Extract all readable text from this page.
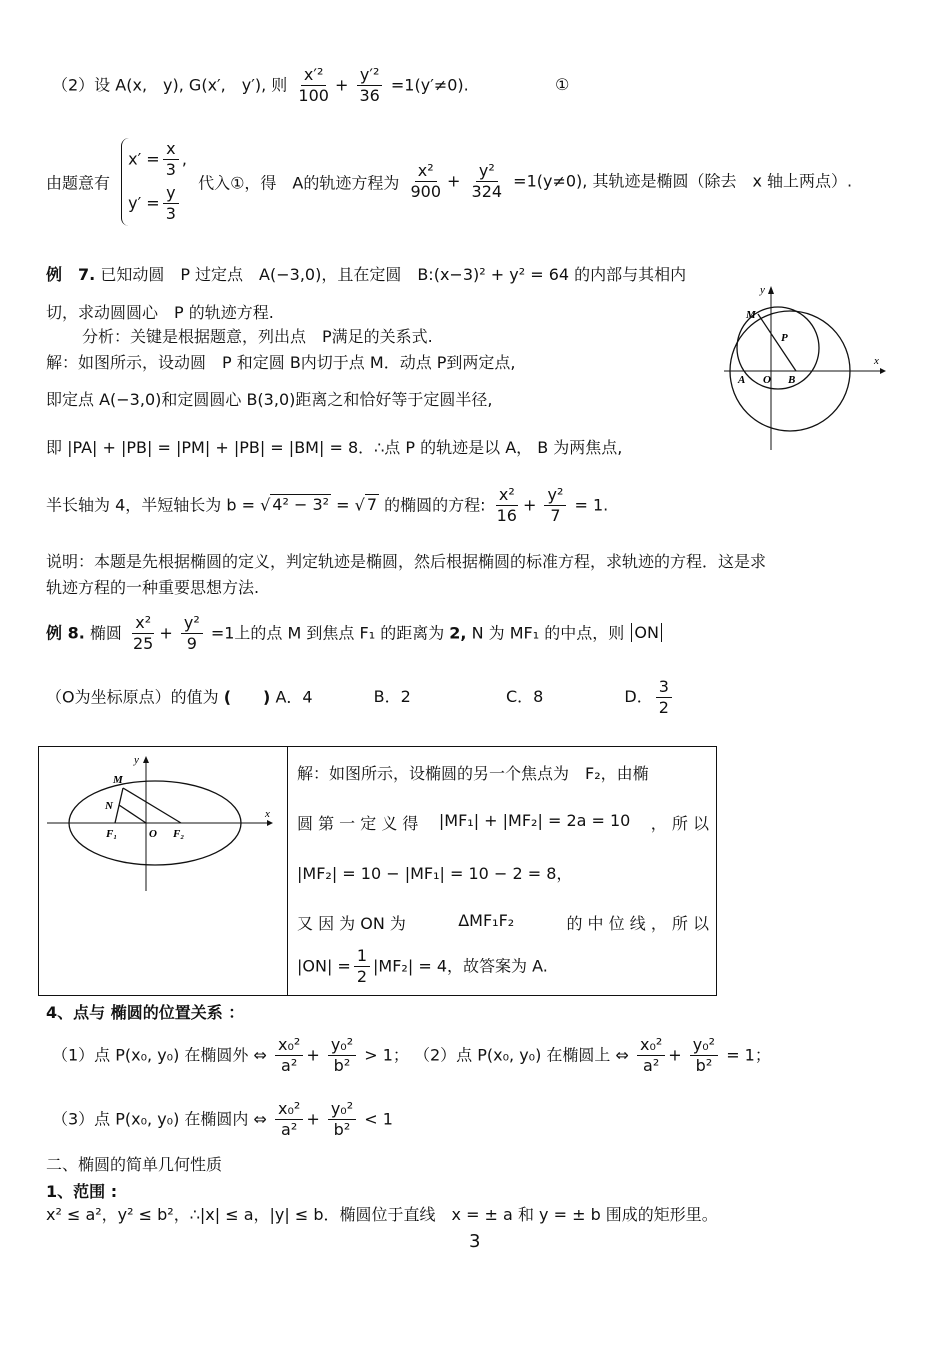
（2）设 A(x,　y), G(x′,　y′), 则 $\frac{\text{x′²}}{100} + \frac{\text{y′²}}{36} =1(y'\ne 0)$.	①
由题意有
$x' = \frac{x}{3}$ ,
$y' = \frac{y}{3}$
代入①，得　A的轨迹方程为 $\frac{\text{x²}}{900} + \frac{\text{y²}}{324} =1(y\ne 0)$, 其轨迹是椭圆（除去　x 轴上两点）.
例　7. 已知动圆　P 过定点　A(−3,0)，且在定圆　B:(x−3)² + y² = 64 的内部与其相内
切，求动圆圆心　P 的轨迹方程.
分析：关键是根据题意，列出点　P满足的关系式.
解：如图所示，设动圆　P 和定圆 B内切于点 M．动点 P到两定点,
即定点 A(−3,0)和定圆圆心 B(3,0)距离之和恰好等于定圆半径,
即 |PA| + |PB| = |PM| + |PB| = |BM| = 8．∴点 P 的轨迹是以 A， B 为两焦点,
半长轴为 4，半短轴长为 b = √ 4² − 3² = √ 7 的椭圆的方程: $\frac{\text{x²}}{16} + \frac{\text{y²}}{7} = 1$.
说明：本题是先根据椭圆的定义，判定轨迹是椭圆，然后根据椭圆的标准方程，求轨迹的方程．这是求
轨迹方程的一种重要思想方法.
y
x
M
P
A O B
例 8. 椭圆 $\frac{\text{x²}}{25} + \frac{\text{y²}}{9} =1$上的点 M 到焦点 F₁ 的距离为 2, N 为 MF₁ 的中点，则 ON
（O为坐标原点）的值为 (　　) A．4	B．2	C．8	D． $\frac{3}{2}$
y
x
M
N
F₁	O F₂
解：如图所示，设椭圆的另一个焦点为　F₂，由椭
圆 第 一 定 义 得 |MF₁| + |MF₂| = 2a = 10 ， 所 以
|MF₂| = 10 − |MF₁| = 10 − 2 = 8，
又 因 为 ON 为	ΔMF₁F₂	的 中 位 线 ， 所 以
$|ON| = \frac{1}{2} |MF_2| = 4$，故答案为 A.
4、点与 椭圆的位置关系 ：
（1）点 P(x₀, y₀) 在椭圆外 ⇔ $\frac{\text{x₀²}}{\text{a²}} + \frac{\text{y₀²}}{\text{b²}} > 1$； （2）点 P(x₀, y₀) 在椭圆上 ⇔ $\frac{\text{x₀²}}{\text{a²}} + \frac{\text{y₀²}}{\text{b²}} = 1$；
（3）点 P(x₀, y₀) 在椭圆内 ⇔ $\frac{\text{x₀²}}{\text{a²}} + \frac{\text{y₀²}}{\text{b²}} < 1$
二、椭圆的简单几何性质
1、范围 :
x² ≤ a²，y² ≤ b²，∴|x| ≤ a，|y| ≤ b．椭圆位于直线　x = ± a 和 y = ± b 围成的矩形里。
3
